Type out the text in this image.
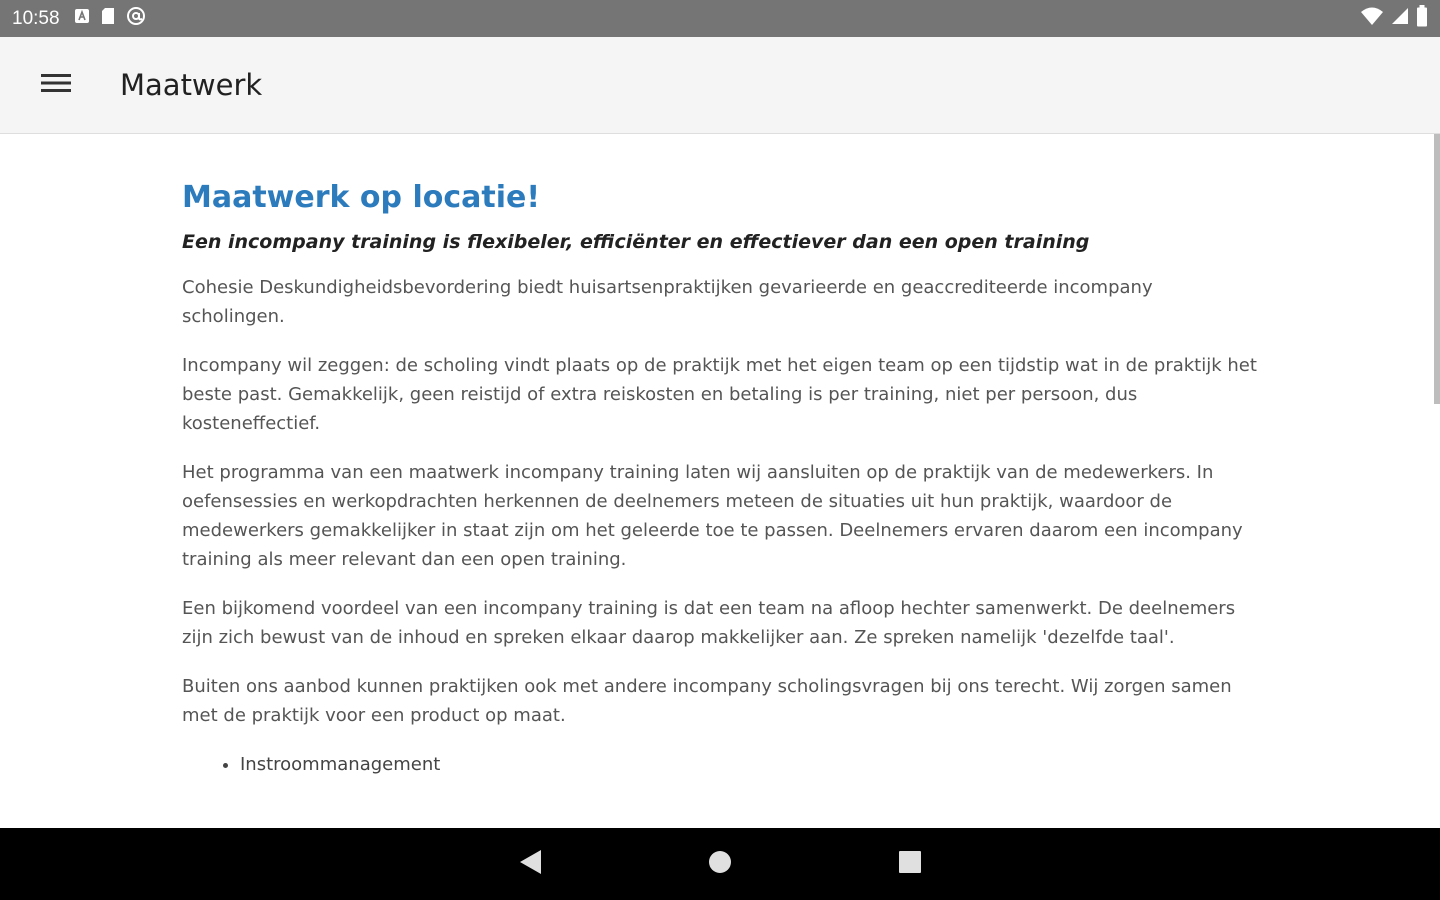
10:58
Maatwerk
Maatwerk op locatie!

Een incompany training is flexibeler, efficiënter en effectiever dan een open training

Cohesie Deskundigheidsbevordering biedt huisartsenpraktijken gevarieerde en geaccrediteerde incompany scholingen.

Incompany wil zeggen: de scholing vindt plaats op de praktijk met het eigen team op een tijdstip wat in de praktijk het beste past. Gemakkelijk, geen reistijd of extra reiskosten en betaling is per training, niet per persoon, dus kosteneffectief.

Het programma van een maatwerk incompany training laten wij aansluiten op de praktijk van de medewerkers. In oefensessies en werkopdrachten herkennen de deelnemers meteen de situaties uit hun praktijk, waardoor de medewerkers gemakkelijker in staat zijn om het geleerde toe te passen. Deelnemers ervaren daarom een incompany training als meer relevant dan een open training.

Een bijkomend voordeel van een incompany training is dat een team na afloop hechter samenwerkt. De deelnemers zijn zich bewust van de inhoud en spreken elkaar daarop makkelijker aan. Ze spreken namelijk 'dezelfde taal'.

Buiten ons aanbod kunnen praktijken ook met andere incompany scholingsvragen bij ons terecht. Wij zorgen samen met de praktijk voor een product op maat.

• Instroommanagement
